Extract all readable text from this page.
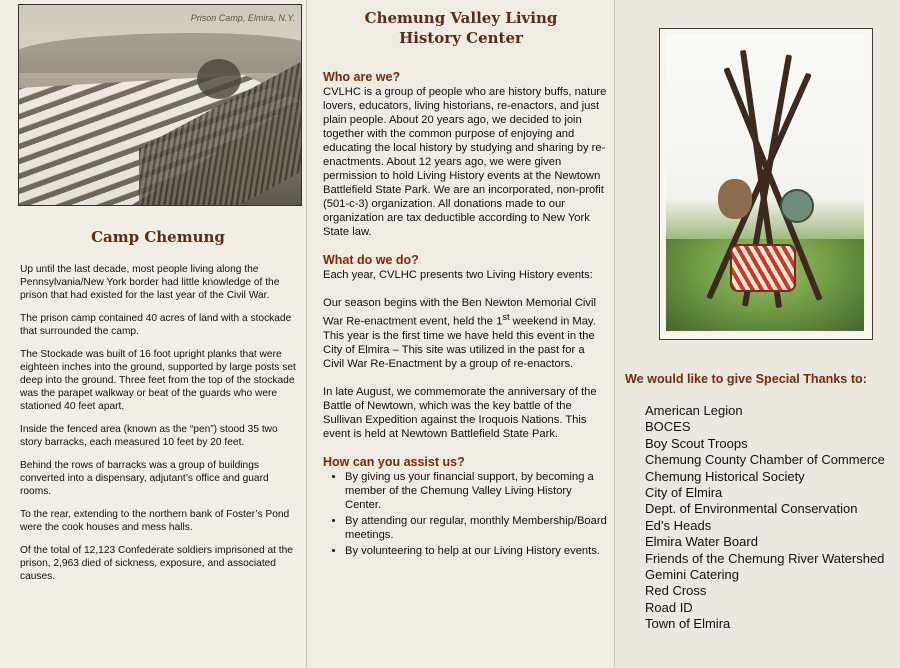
Prison Camp, Elmira, N.Y.
Camp Chemung

Up until the last decade, most people living along the Pennsylvania/New York border had little knowledge of the prison that had existed for the last year of the Civil War.

The prison camp contained 40 acres of land with a stockade that surrounded the camp.

The Stockade was built of 16 foot upright planks that were eighteen inches into the ground, supported by large posts set deep into the ground. Three feet from the top of the stockade was the parapet walkway or beat of the guards who were stationed 40 feet apart.

Inside the fenced area (known as the “pen”) stood 35 two story barracks, each measured 10 feet by 20 feet.

Behind the rows of barracks was a group of buildings converted into a dispensary, adjutant’s office and guard rooms.

To the rear, extending to the northern bank of Foster’s Pond were the cook houses and mess halls.

Of the total of 12,123 Confederate soldiers imprisoned at the prison, 2,963 died of sickness, exposure, and associated causes.

Chemung Valley Living
History Center
Who are we?

CVLHC is a group of people who are history buffs, nature lovers, educators, living historians, re-enactors, and just plain people. About 20 years ago, we decided to join together with the common purpose of enjoying and educating the local history by studying and sharing by re-enactments. About 12 years ago, we were given permission to hold Living History events at the Newtown Battlefield State Park. We are an incorporated, non-profit (501-c-3) organization. All donations made to our organization are tax deductible according to New York State law.

What do we do?

Each year, CVLHC presents two Living History events:

Our season begins with the Ben Newton Memorial Civil War Re-enactment event, held the 1st weekend in May. This year is the first time we have held this event in the City of Elmira – This site was utilized in the past for a Civil War Re-Enactment by a group of re-enactors.

In late August, we commemorate the anniversary of the Battle of Newtown, which was the key battle of the Sullivan Expedition against the Iroquois Nations. This event is held at Newtown Battlefield State Park.

How can you assist us?
• By giving us your financial support, by becoming a member of the Chemung Valley Living History Center.
• By attending our regular, monthly Membership/Board meetings.
• By volunteering to help at our Living History events.
We would like to give Special Thanks to:
American Legion
BOCES
Boy Scout Troops
Chemung County Chamber of Commerce
Chemung Historical Society
City of Elmira
Dept. of Environmental Conservation
Ed’s Heads
Elmira Water Board
Friends of the Chemung River Watershed
Gemini Catering
Red Cross
Road ID
Town of Elmira
